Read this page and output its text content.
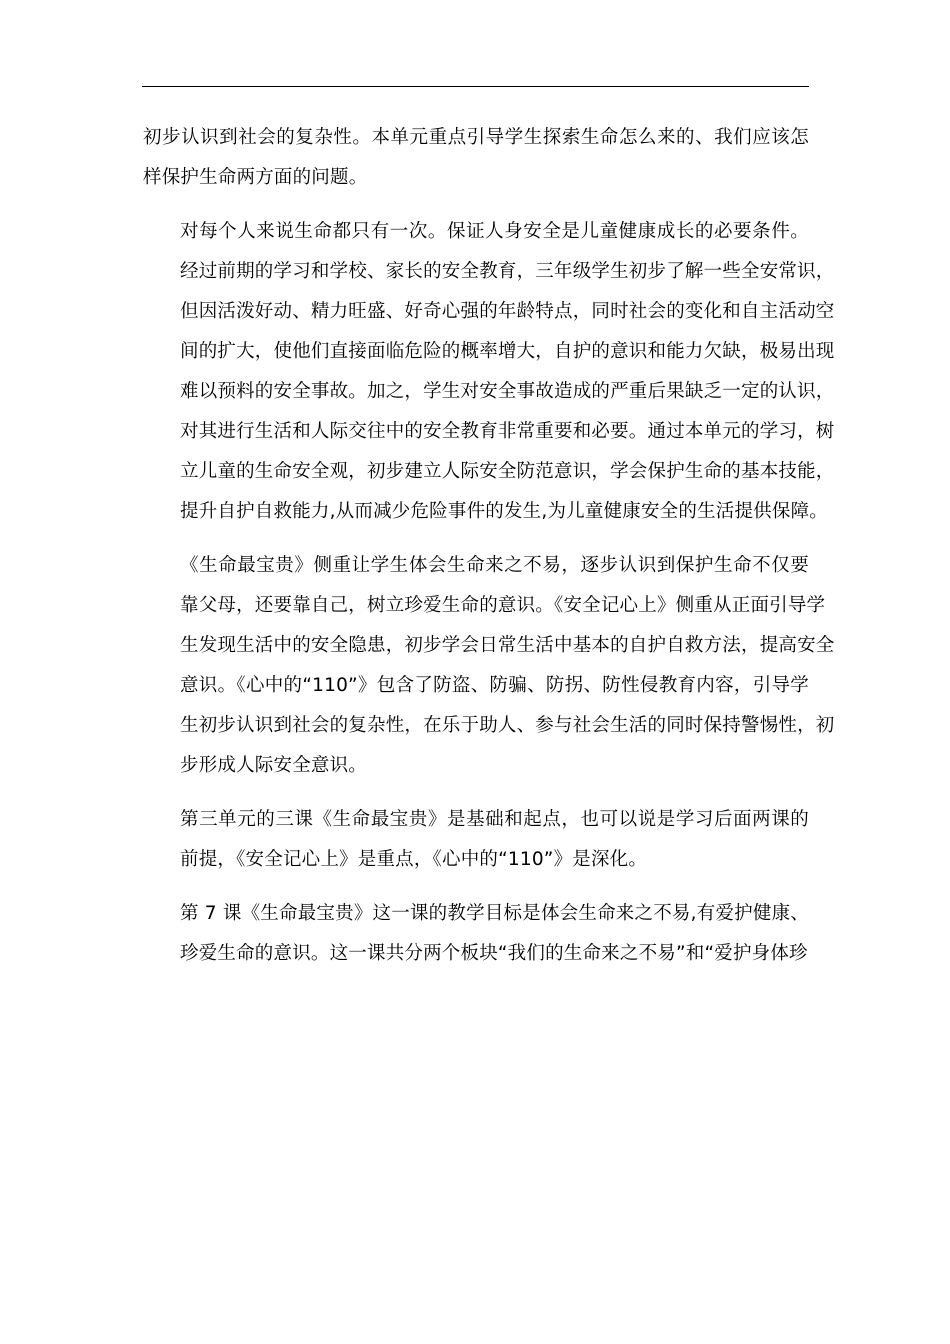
初步认识到社会的复杂性。本单元重点引导学生探索生命怎么来的、我们应该怎
样保护生命两方面的问题。

对每个人来说生命都只有一次。保证人身安全是儿童健康成长的必要条件。
经过前期的学习和学校、家长的安全教育，三年级学生初步了解一些全安常识，
但因活泼好动、精力旺盛、好奇心强的年龄特点，同时社会的变化和自主活动空
间的扩大，使他们直接面临危险的概率增大，自护的意识和能力欠缺，极易出现
难以预料的安全事故。加之，学生对安全事故造成的严重后果缺乏一定的认识，
对其进行生活和人际交往中的安全教育非常重要和必要。通过本单元的学习，树
立儿童的生命安全观，初步建立人际安全防范意识，学会保护生命的基本技能，
提升自护自救能力,从而减少危险事件的发生,为儿童健康安全的生活提供保障。

《生命最宝贵》侧重让学生体会生命来之不易，逐步认识到保护生命不仅要
靠父母，还要靠自己，树立珍爱生命的意识。《安全记心上》侧重从正面引导学
生发现生活中的安全隐患，初步学会日常生活中基本的自护自救方法，提高安全
意识。《心中的“110”》包含了防盗、防骗、防拐、防性侵教育内容，引导学
生初步认识到社会的复杂性，在乐于助人、参与社会生活的同时保持警惕性，初
步形成人际安全意识。

第三单元的三课《生命最宝贵》是基础和起点，也可以说是学习后面两课的
前提，《安全记心上》是重点，《心中的“110”》是深化。

第 7 课《生命最宝贵》这一课的教学目标是体会生命来之不易,有爱护健康、
珍爱生命的意识。这一课共分两个板块“我们的生命来之不易”和“爱护身体珍
